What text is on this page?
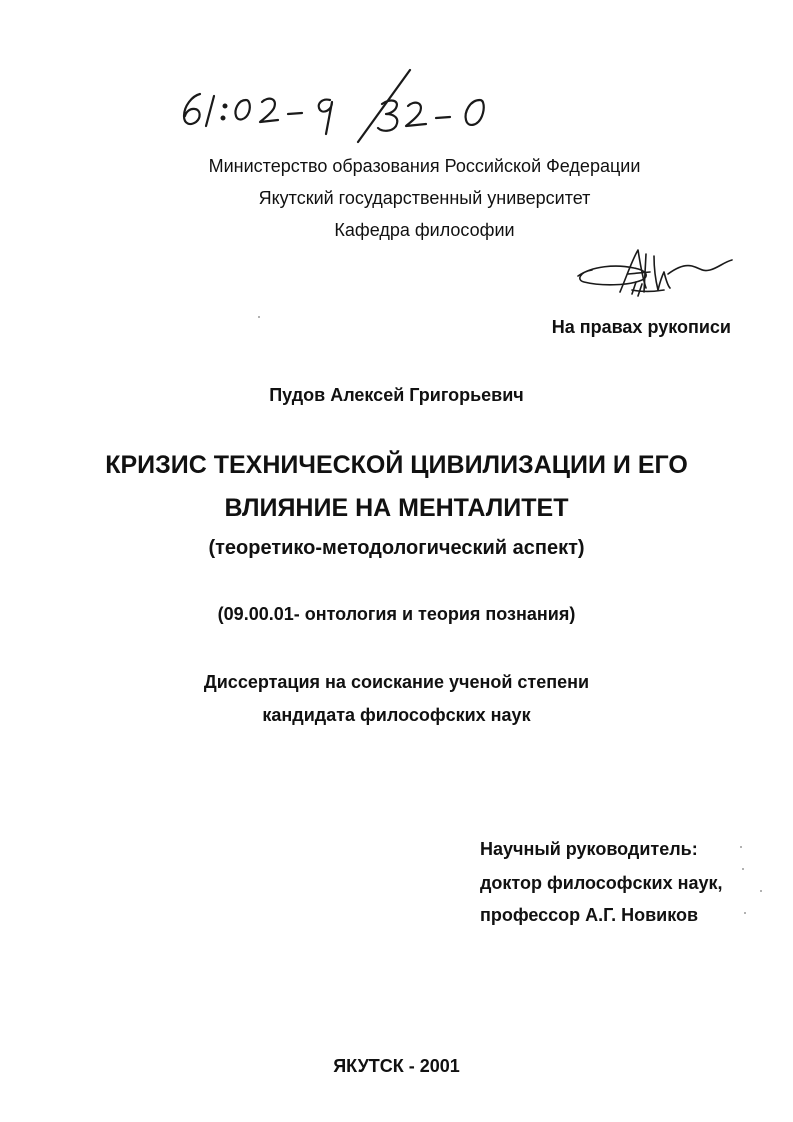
Министерство образования Российской Федерации
Якутский государственный университет
Кафедра философии
На правах рукописи
Пудов Алексей Григорьевич
КРИЗИС ТЕХНИЧЕСКОЙ ЦИВИЛИЗАЦИИ И ЕГО
ВЛИЯНИЕ НА МЕНТАЛИТЕТ
(теоретико-методологический аспект)
(09.00.01- онтология и теория познания)
Диссертация на соискание ученой степени
кандидата философских наук
Научный руководитель:
доктор философских наук,
профессор А.Г. Новиков
ЯКУТСК - 2001
